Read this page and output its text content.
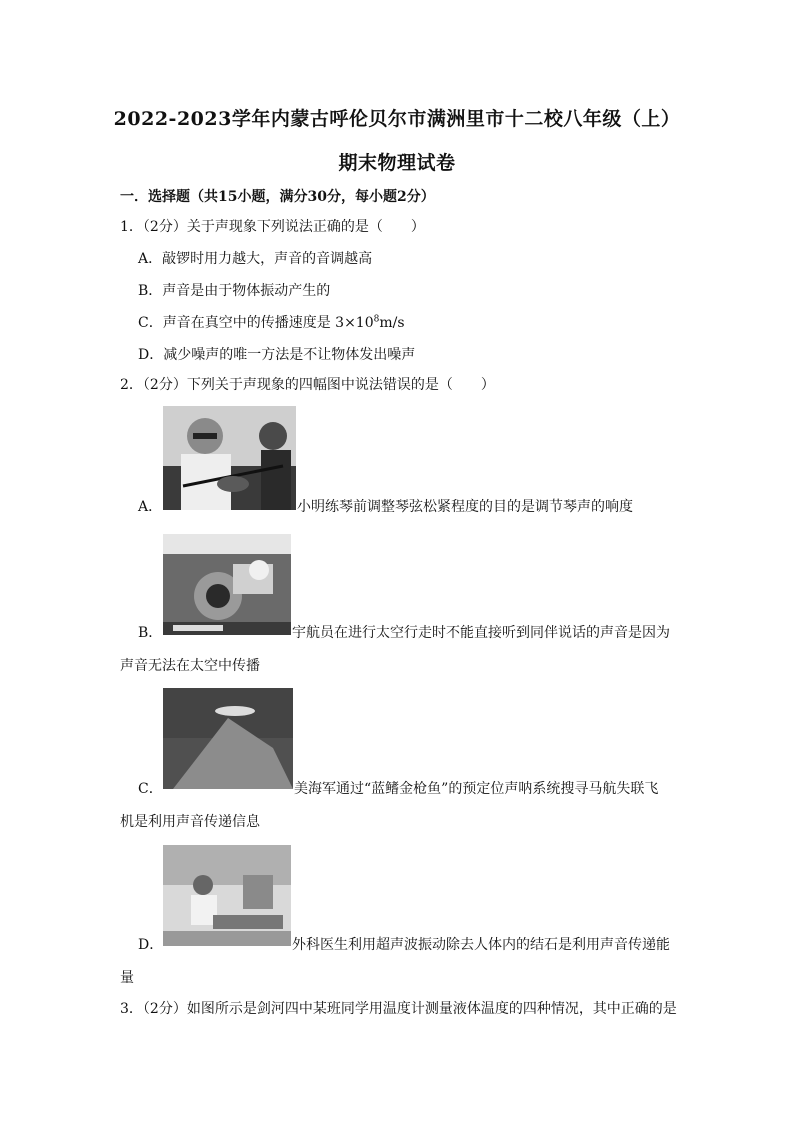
2022-2023学年内蒙古呼伦贝尔市满洲里市十二校八年级（上）
期末物理试卷
一．选择题（共15小题，满分30分，每小题2分）
1．（2分）关于声现象下列说法正确的是（　　）
A．敲锣时用力越大，声音的音调越高
B．声音是由于物体振动产生的
C．声音在真空中的传播速度是 $3\times 10^8m/s$
D．减少噪声的唯一方法是不让物体发出噪声
2．（2分）下列关于声现象的四幅图中说法错误的是（　　）
A．	小明练琴前调整琴弦松紧程度的目的是调节琴声的响度
B．	宇航员在进行太空行走时不能直接听到同伴说话的声音是因为
声音无法在太空中传播
C．	美海军通过“蓝鳍金枪鱼”的预定位声呐系统搜寻马航失联飞
机是利用声音传递信息
D．	外科医生利用超声波振动除去人体内的结石是利用声音传递能
量
3．（2分）如图所示是剑河四中某班同学用温度计测量液体温度的四种情况，其中正确的是
